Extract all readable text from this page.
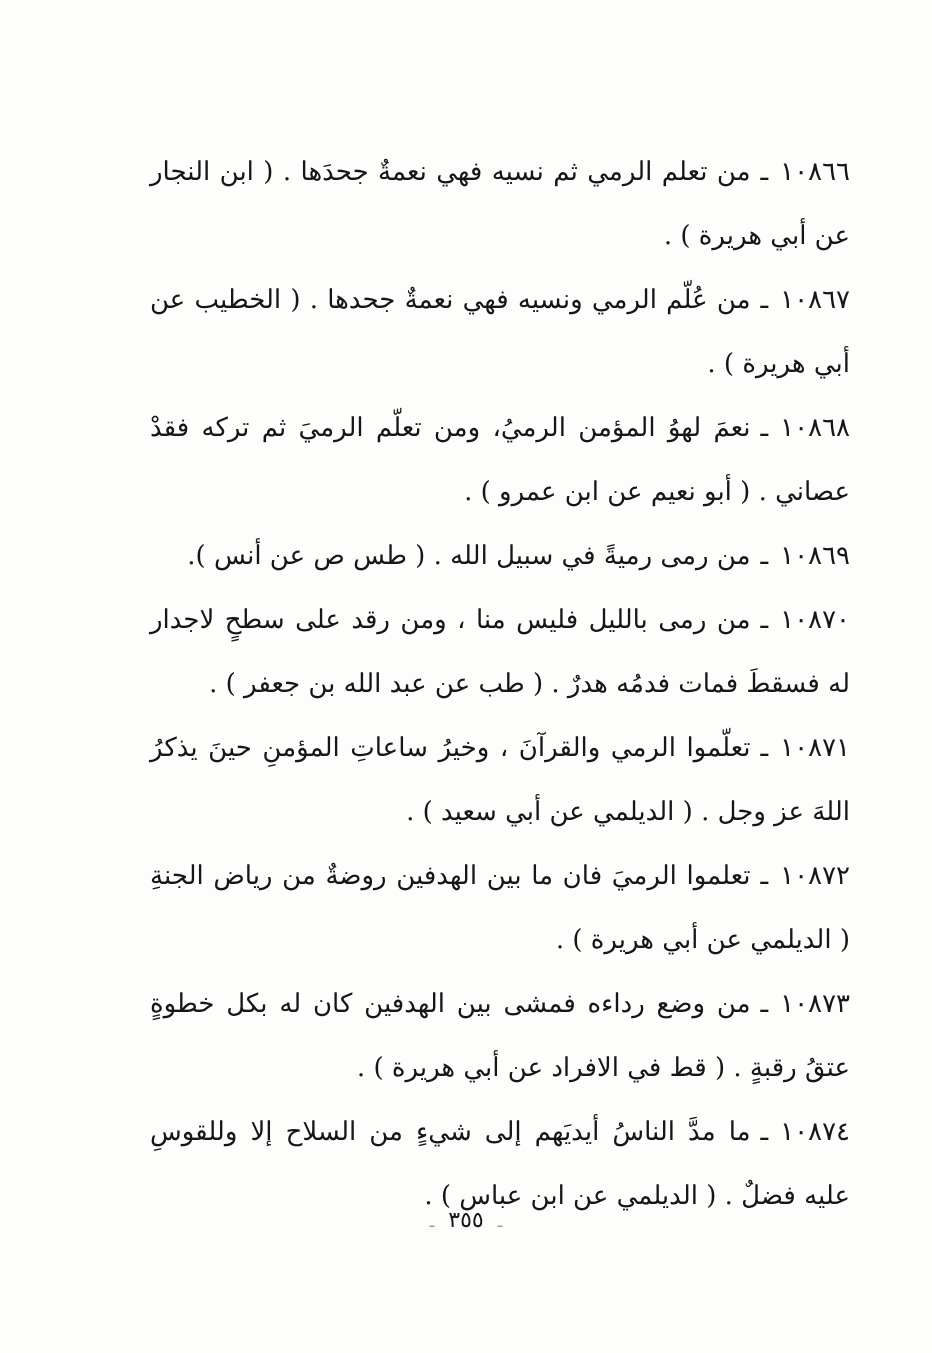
١٠٨٦٦ـمن تعلم الرمي ثم نسيه فهي نعمةٌ جحدَها . ( ابن النجار عن أبي هريرة ) .

١٠٨٦٧ـمن عُلّم الرمي ونسيه فهي نعمةٌ جحدها . ( الخطيب عن أبي هريرة ) .

١٠٨٦٨ـنعمَ لهوُ المؤمن الرميُ، ومن تعلّم الرميَ ثم تركه فقدْ عصاني . ( أبو نعيم عن ابن عمرو ) .

١٠٨٦٩ـمن رمى رميةً في سبيل الله . ( طس ص عن أنس ).

١٠٨٧٠ـمن رمى بالليل فليس منا ، ومن رقد على سطحٍ لاجدار له فسقطَ فمات فدمُه هدرٌ . ( طب عن عبد الله بن جعفر ) .

١٠٨٧١ـتعلّموا الرمي والقرآنَ ، وخيرُ ساعاتِ المؤمنِ حينَ يذكرُ اللهَ عز وجل . ( الديلمي عن أبي سعيد ) .

١٠٨٧٢ـتعلموا الرميَ فان ما بين الهدفين روضةٌ من رياض الجنةِ ( الديلمي عن أبي هريرة ) .

١٠٨٧٣ـمن وضع رداءه فمشى بين الهدفين كان له بكل خطوةٍ عتقُ رقبةٍ . ( قط في الافراد عن أبي هريرة ) .

١٠٨٧٤ـما مدَّ الناسُ أيديَهم إلى شيءٍ من السلاح إلا وللقوسِ عليه فضلٌ . ( الديلمي عن ابن عباس ) .

ـ٣٥٥ـ
